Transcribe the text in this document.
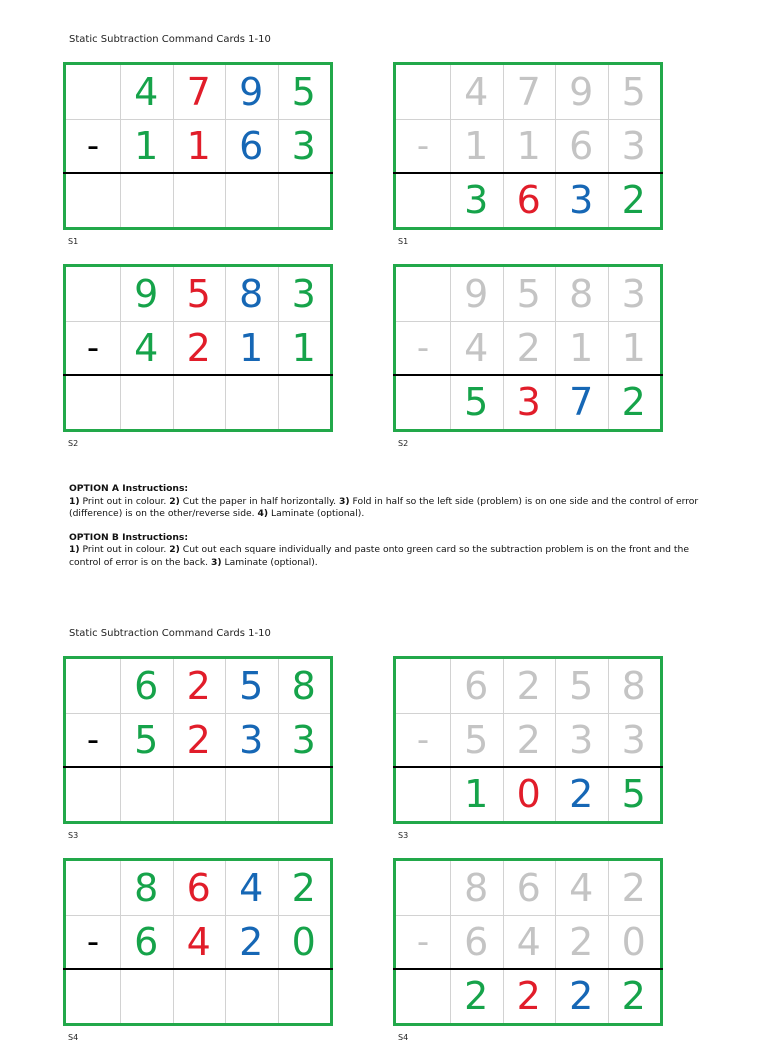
Static Subtraction Command Cards 1-10
Static Subtraction Command Cards 1-10
-
4 7 9 5
1 1 6 3
S1
-
4 7 9 5
1 1 6 3
3 6 3 2
S1
-
9 5 8 3
4 2 1 1
S2
-
9 5 8 3
4 2 1 1
5 3 7 2
S2
-
6 2 5 8
5 2 3 3
S3
-
6 2 5 8
5 2 3 3
1 0 2 5
S3
-
8 6 4 2
6 4 2 0
S4
-
8 6 4 2
6 4 2 0
2 2 2 2
S4

OPTION A Instructions:

1) Print out in colour. 2) Cut the paper in half horizontally. 3) Fold in half so the left side (problem) is on one side and the control of error (difference) is on the other/reverse side. 4) Laminate (optional).

OPTION B Instructions:

1) Print out in colour. 2) Cut out each square individually and paste onto green card so the subtraction problem is on the front and the control of error is on the back. 3) Laminate (optional).
